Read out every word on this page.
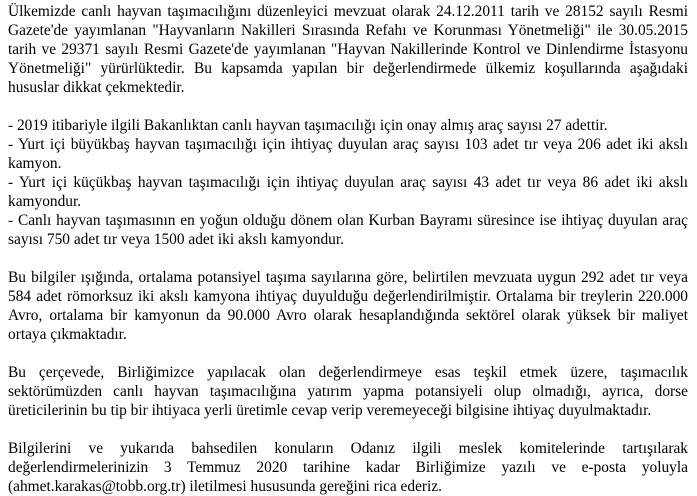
Ülkemizde canlı hayvan taşımacılığını düzenleyici mevzuat olarak 24.12.2011 tarih ve 28152 sayılı Resmi Gazete'de yayımlanan "Hayvanların Nakilleri Sırasında Refahı ve Korunması Yönetmeliği" ile 30.05.2015 tarih ve 29371 sayılı Resmi Gazete'de yayımlanan "Hayvan Nakillerinde Kontrol ve Dinlendirme İstasyonu Yönetmeliği" yürürlüktedir. Bu kapsamda yapılan bir değerlendirmede ülkemiz koşullarında aşağıdaki hususlar dikkat çekmektedir.

- 2019 itibariyle ilgili Bakanlıktan canlı hayvan taşımacılığı için onay almış araç sayısı 27 adettir.
- Yurt içi büyükbaş hayvan taşımacılığı için ihtiyaç duyulan araç sayısı 103 adet tır veya 206 adet iki akslı kamyon.
- Yurt içi küçükbaş hayvan taşımacılığı için ihtiyaç duyulan araç sayısı 43 adet tır veya 86 adet iki akslı kamyondur.
- Canlı hayvan taşımasının en yoğun olduğu dönem olan Kurban Bayramı süresince ise ihtiyaç duyulan araç sayısı 750 adet tır veya 1500 adet iki akslı kamyondur.

Bu bilgiler ışığında, ortalama potansiyel taşıma sayılarına göre, belirtilen mevzuata uygun 292 adet tır veya 584 adet römorksuz iki akslı kamyona ihtiyaç duyulduğu değerlendirilmiştir. Ortalama bir treylerin 220.000 Avro, ortalama bir kamyonun da 90.000 Avro olarak hesaplandığında sektörel olarak yüksek bir maliyet ortaya çıkmaktadır.

Bu çerçevede, Birliğimizce yapılacak olan değerlendirmeye esas teşkil etmek üzere, taşımacılık sektörümüzden canlı hayvan taşımacılığına yatırım yapma potansiyeli olup olmadığı, ayrıca, dorse üreticilerinin bu tip bir ihtiyaca yerli üretimle cevap verip veremeyeceği bilgisine ihtiyaç duyulmaktadır.

Bilgilerini ve yukarıda bahsedilen konuların Odanız ilgili meslek komitelerinde tartışılarak değerlendirmelerinizin 3 Temmuz 2020 tarihine kadar Birliğimize yazılı ve e-posta yoluyla (ahmet.karakas@tobb.org.tr) iletilmesi hususunda gereğini rica ederiz.
